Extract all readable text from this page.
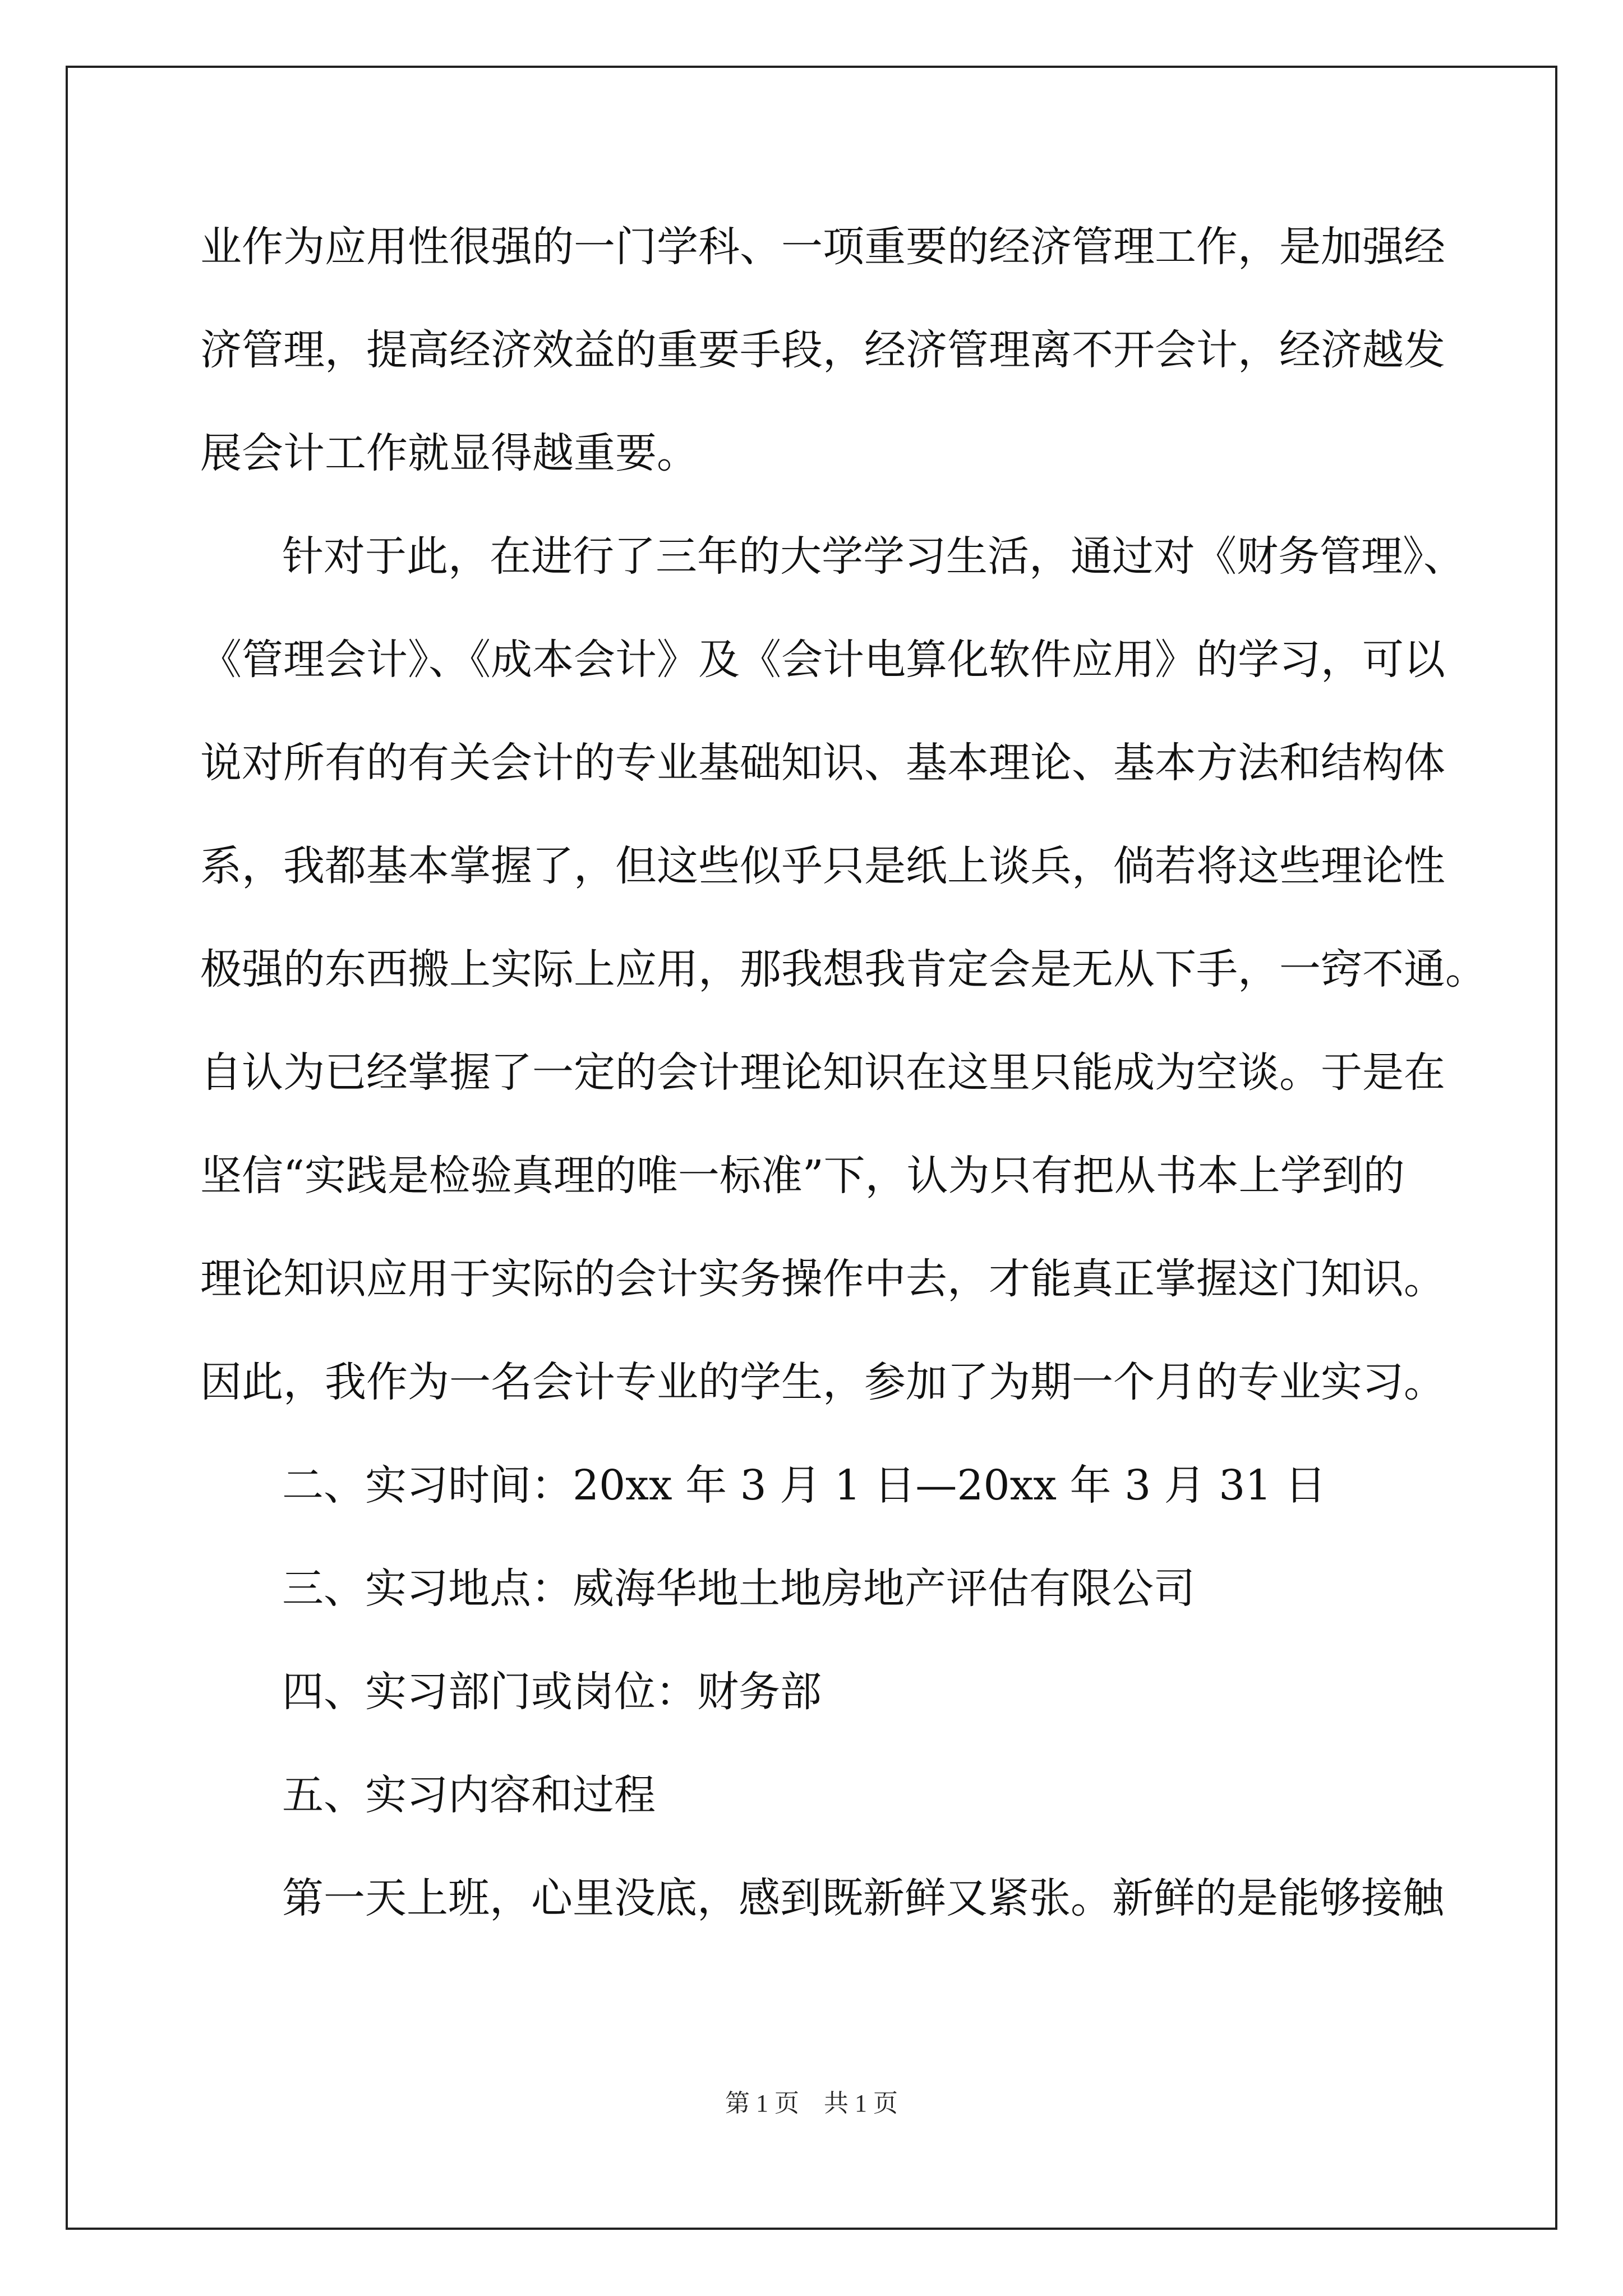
业作为应用性很强的一门学科、一项重要的经济管理工作，是加强经
济管理，提高经济效益的重要手段，经济管理离不开会计，经济越发
展会计工作就显得越重要。
针对于此，在进行了三年的大学学习生活，通过对《财务管理》、
《管理会计》、《成本会计》及《会计电算化软件应用》的学习，可以
说对所有的有关会计的专业基础知识、基本理论、基本方法和结构体
系，我都基本掌握了，但这些似乎只是纸上谈兵，倘若将这些理论性
极强的东西搬上实际上应用，那我想我肯定会是无从下手，一窍不通。
自认为已经掌握了一定的会计理论知识在这里只能成为空谈。于是在
坚信“实践是检验真理的唯一标准”下，认为只有把从书本上学到的
理论知识应用于实际的会计实务操作中去，才能真正掌握这门知识。
因此，我作为一名会计专业的学生，参加了为期一个月的专业实习。
二、实习时间：20xx 年 3 月 1 日—20xx 年 3 月 31 日
三、实习地点：威海华地土地房地产评估有限公司
四、实习部门或岗位：财务部
五、实习内容和过程
第一天上班，心里没底，感到既新鲜又紧张。新鲜的是能够接触
第 1 页　共 1 页
